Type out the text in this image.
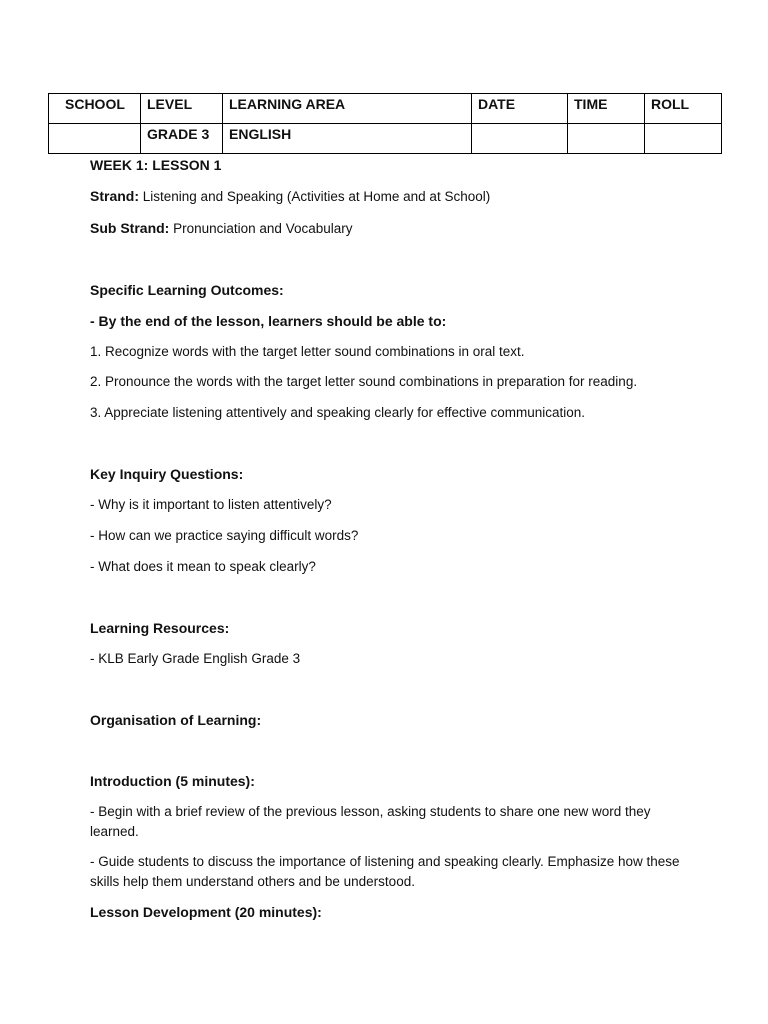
SCHOOL	LEVEL	LEARNING AREA	DATE	TIME	ROLL
	GRADE 3	ENGLISH			

WEEK 1: LESSON 1

Strand: Listening and Speaking (Activities at Home and at School)

Sub Strand: Pronunciation and Vocabulary

Specific Learning Outcomes:

- By the end of the lesson, learners should be able to:

1. Recognize words with the target letter sound combinations in oral text.

2. Pronounce the words with the target letter sound combinations in preparation for reading.

3. Appreciate listening attentively and speaking clearly for effective communication.

Key Inquiry Questions:

- Why is it important to listen attentively?

- How can we practice saying difficult words?

- What does it mean to speak clearly?

Learning Resources:

- KLB Early Grade English Grade 3

Organisation of Learning:

Introduction (5 minutes):

- Begin with a brief review of the previous lesson, asking students to share one new word they learned.

- Guide students to discuss the importance of listening and speaking clearly. Emphasize how these skills help them understand others and be understood.

Lesson Development (20 minutes):
